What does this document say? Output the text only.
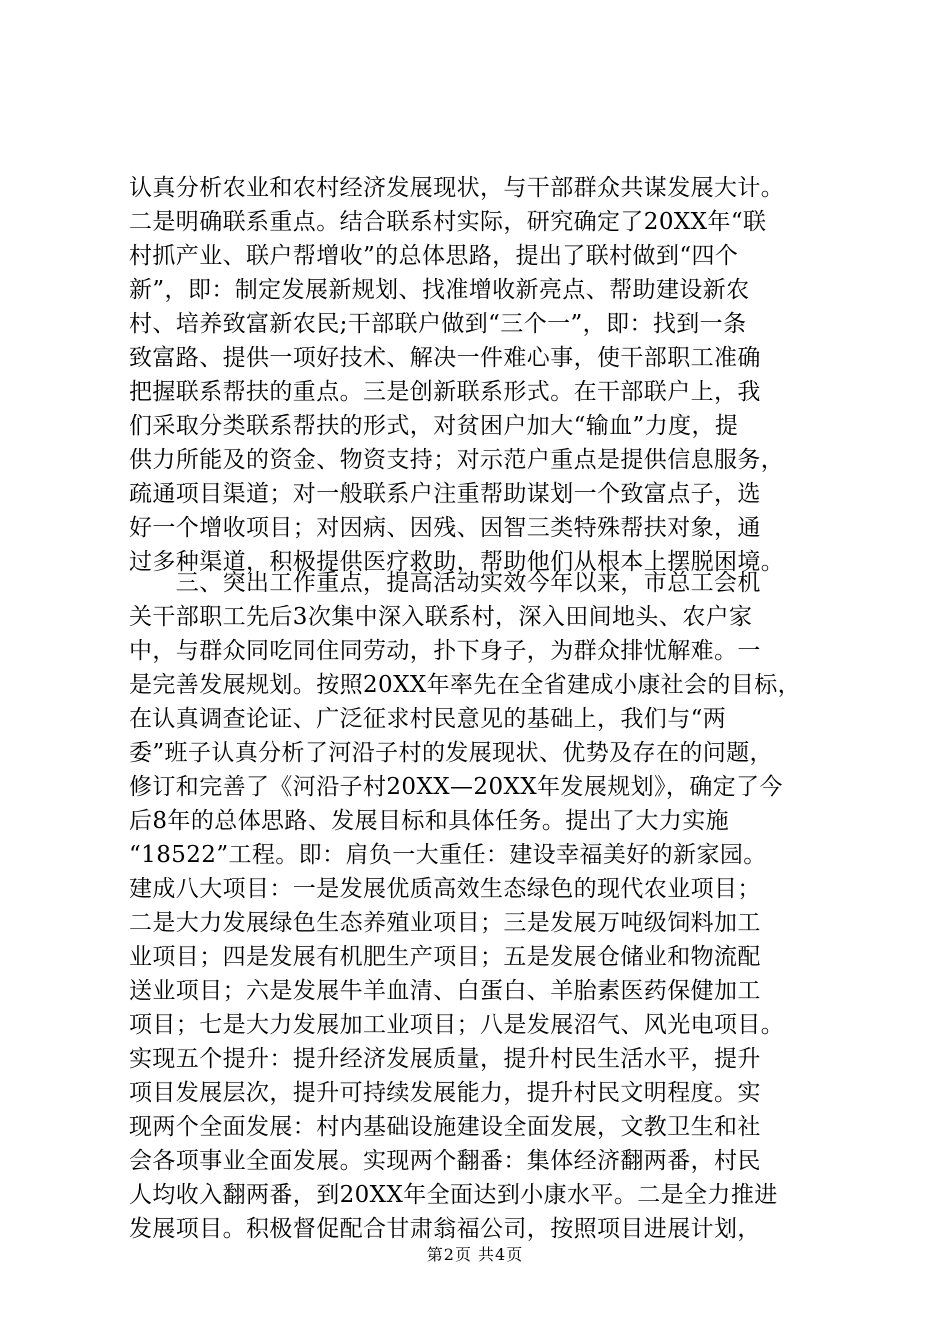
认真分析农业和农村经济发展现状，与干部群众共谋发展大计。
二是明确联系重点。结合联系村实际，研究确定了20XX年“联
村抓产业、联户帮增收”的总体思路，提出了联村做到“四个
新”，即：制定发展新规划、找准增收新亮点、帮助建设新农
村、培养致富新农民;干部联户做到“三个一”，即：找到一条
致富路、提供一项好技术、解决一件难心事，使干部职工准确
把握联系帮扶的重点。三是创新联系形式。在干部联户上，我
们采取分类联系帮扶的形式，对贫困户加大“输血”力度，提
供力所能及的资金、物资支持；对示范户重点是提供信息服务，
疏通项目渠道；对一般联系户注重帮助谋划一个致富点子，选
好一个增收项目；对因病、因残、因智三类特殊帮扶对象，通
过多种渠道，积极提供医疗救助，帮助他们从根本上摆脱困境。
　　三、突出工作重点，提高活动实效今年以来，市总工会机
关干部职工先后3次集中深入联系村，深入田间地头、农户家
中，与群众同吃同住同劳动，扑下身子，为群众排忧解难。一
是完善发展规划。按照20XX年率先在全省建成小康社会的目标，
在认真调查论证、广泛征求村民意见的基础上，我们与“两
委”班子认真分析了河沿子村的发展现状、优势及存在的问题，
修订和完善了《河沿子村20XX—20XX年发展规划》，确定了今
后8年的总体思路、发展目标和具体任务。提出了大力实施
“18522”工程。即：肩负一大重任：建设幸福美好的新家园。
建成八大项目：一是发展优质高效生态绿色的现代农业项目；
二是大力发展绿色生态养殖业项目；三是发展万吨级饲料加工
业项目；四是发展有机肥生产项目；五是发展仓储业和物流配
送业项目；六是发展牛羊血清、白蛋白、羊胎素医药保健加工
项目；七是大力发展加工业项目；八是发展沼气、风光电项目。
实现五个提升：提升经济发展质量，提升村民生活水平，提升
项目发展层次，提升可持续发展能力，提升村民文明程度。实
现两个全面发展：村内基础设施建设全面发展，文教卫生和社
会各项事业全面发展。实现两个翻番：集体经济翻两番，村民
人均收入翻两番，到20XX年全面达到小康水平。二是全力推进
发展项目。积极督促配合甘肃翁福公司，按照项目进展计划，
第2页 共4页
